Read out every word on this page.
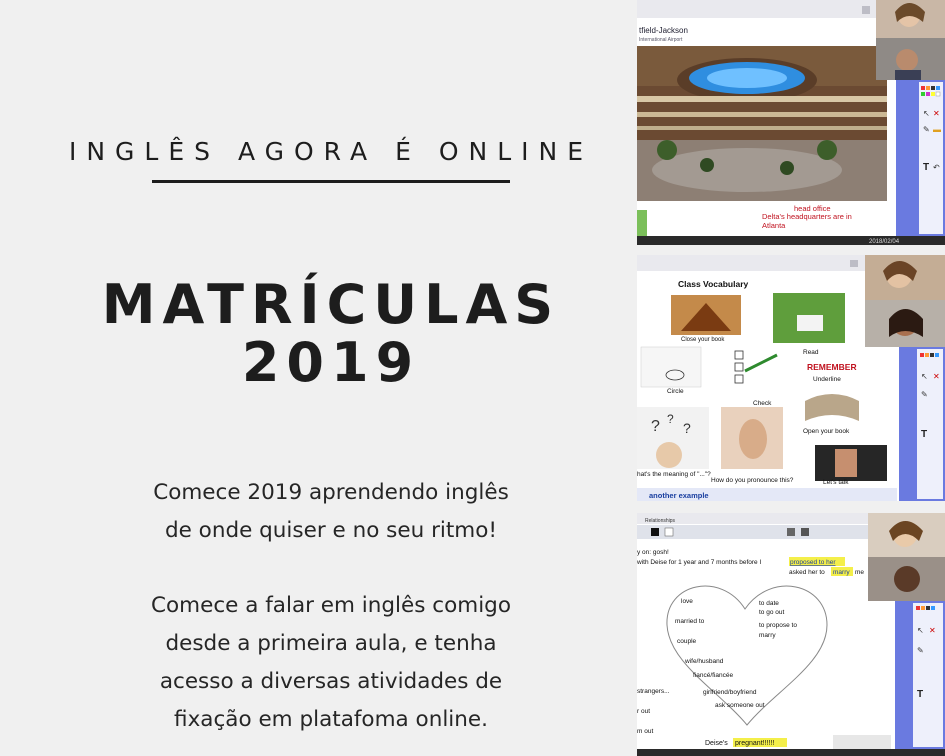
INGLÊS AGORA É ONLINE
MATRÍCULAS
2019
Comece 2019 aprendendo inglês
de onde quiser e no seu ritmo!
Comece a falar em inglês comigo
desde a primeira aula, e tenha
acesso a diversas atividades de
fixação em platafoma online.
tfield-Jackson
International Airport
head office
Delta's headquarters are in
Atlanta
2018/02/04
↖ ✕
✎ ▬
T ↶
Class Vocabulary
Close your book
Read
Circle
Check
REMEMBER
Underline
Open your book
? ?
?
hat's the meaning of "..."?
How do you pronounce this?	Let's talk
another example
↖ ✕
✎
T
Relationships
y on: gosh!
with Deise for 1 year and 7 months before I	proposed to her
asked her to marry me
love
married to
couple
wife/husband
fiancé/fiancée
girlfriend/boyfriend
ask someone out
to date
to go out
to propose to
marry
strangers...
r out
m out
Deise's pregnant!!!!!!
↖ ✕
✎
T
